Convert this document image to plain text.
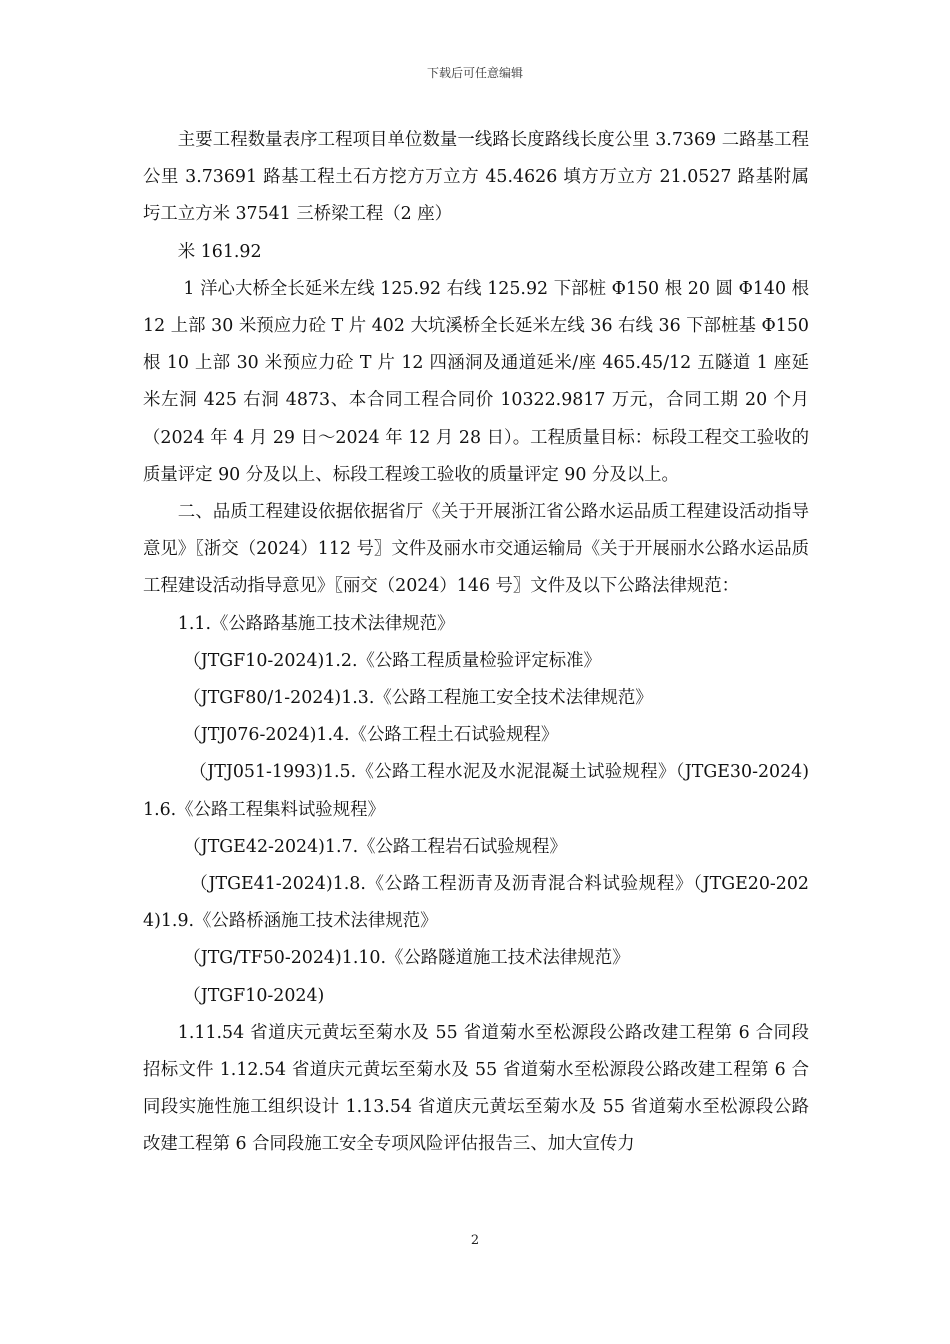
下载后可任意编辑

主要工程数量表序工程项目单位数量一线路长度路线长度公里 3.7369 二路基工程公里 3.73691 路基工程土石方挖方万立方 45.4626 填方万立方 21.0527 路基附属圬工立方米 37541 三桥梁工程（2 座）

米 161.92

1 洋心大桥全长延米左线 125.92 右线 125.92 下部桩 Φ150 根 20 圆 Φ140 根 12 上部 30 米预应力砼 T 片 402 大坑溪桥全长延米左线 36 右线 36 下部桩基 Φ150 根 10 上部 30 米预应力砼 T 片 12 四涵洞及通道延米/座 465.45/12 五隧道 1 座延米左洞 425 右洞 4873、本合同工程合同价 10322.9817 万元，合同工期 20 个月（2024 年 4 月 29 日～2024 年 12 月 28 日）。工程质量目标：标段工程交工验收的质量评定 90 分及以上、标段工程竣工验收的质量评定 90 分及以上。

二、品质工程建设依据依据省厅《关于开展浙江省公路水运品质工程建设活动指导意见》〖浙交（2024）112 号〗文件及丽水市交通运输局《关于开展丽水公路水运品质工程建设活动指导意见》〖丽交（2024）146 号〗文件及以下公路法律规范：

1.1.《公路路基施工技术法律规范》

（JTGF10-2024)1.2.《公路工程质量检验评定标准》

（JTGF80/1-2024)1.3.《公路工程施工安全技术法律规范》

（JTJ076-2024)1.4.《公路工程土石试验规程》

（JTJ051-1993)1.5.《公路工程水泥及水泥混凝土试验规程》（JTGE30-2024)1.6.《公路工程集料试验规程》

（JTGE42-2024)1.7.《公路工程岩石试验规程》

（JTGE41-2024)1.8.《公路工程沥青及沥青混合料试验规程》（JTGE20-2024)1.9.《公路桥涵施工技术法律规范》

（JTG/TF50-2024)1.10.《公路隧道施工技术法律规范》

（JTGF10-2024)

1.11.54 省道庆元黄坛至菊水及 55 省道菊水至松源段公路改建工程第 6 合同段招标文件 1.12.54 省道庆元黄坛至菊水及 55 省道菊水至松源段公路改建工程第 6 合同段实施性施工组织设计 1.13.54 省道庆元黄坛至菊水及 55 省道菊水至松源段公路改建工程第 6 合同段施工安全专项风险评估报告三、加大宣传力

2
